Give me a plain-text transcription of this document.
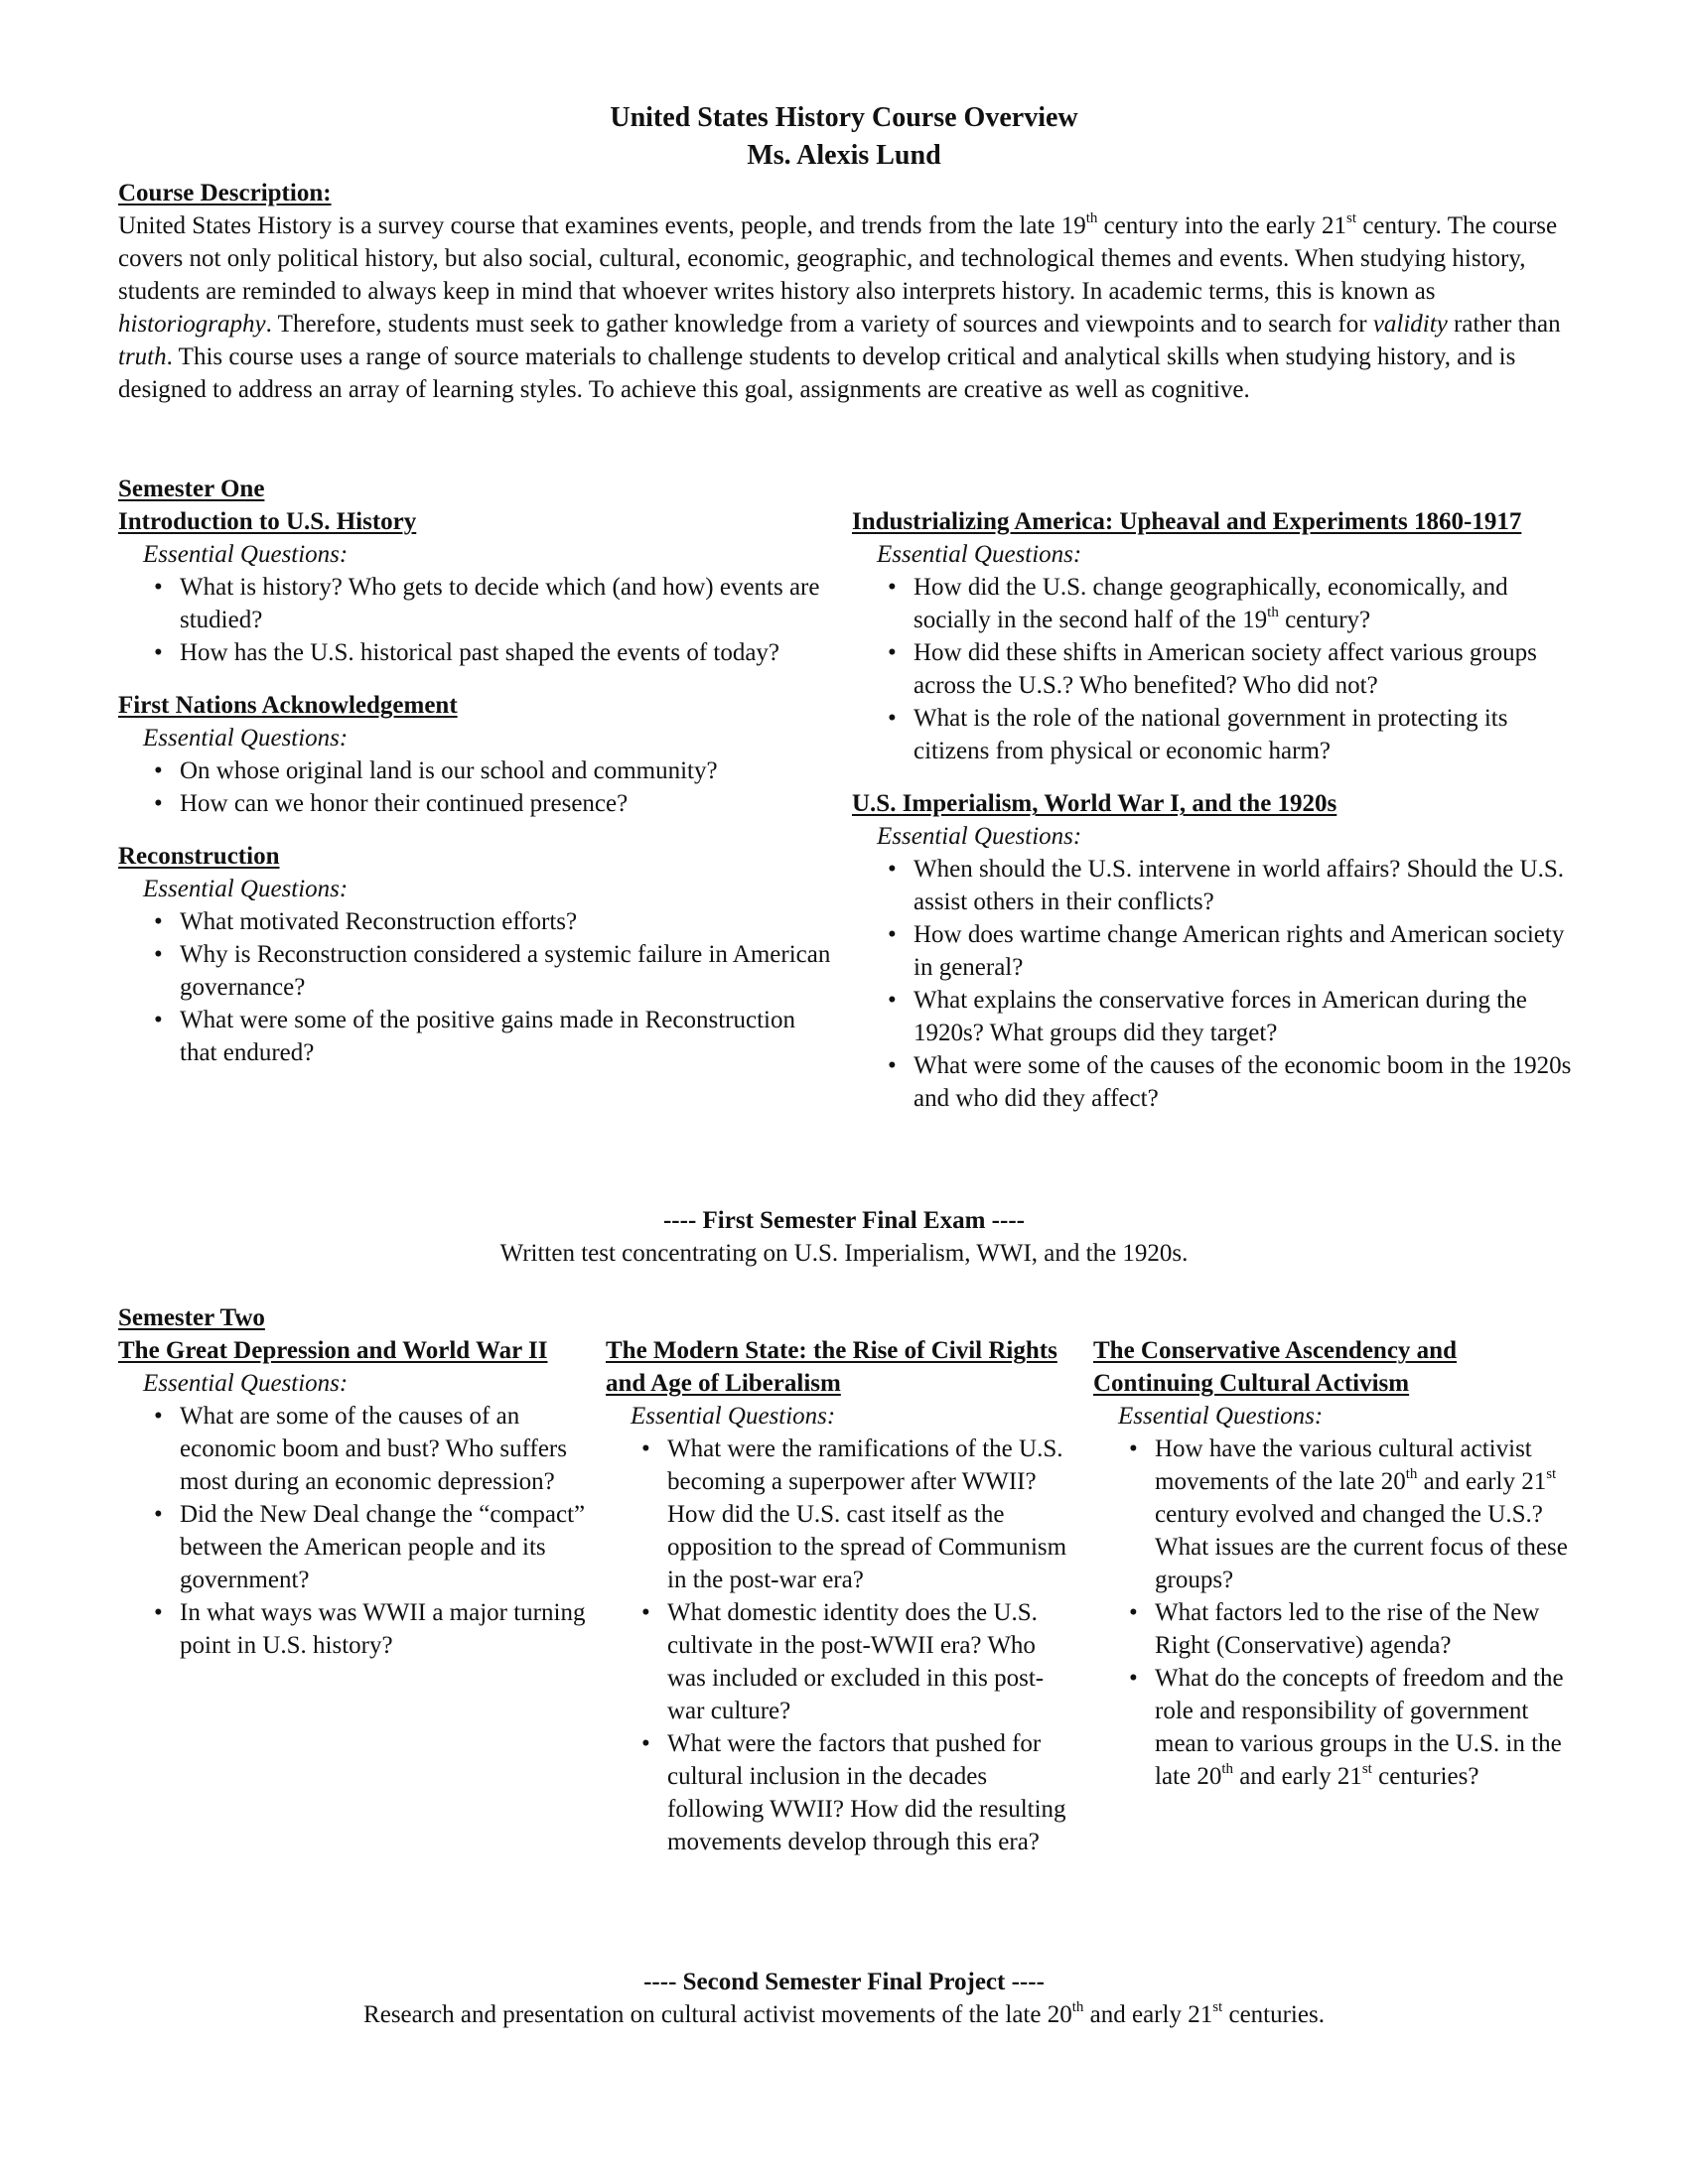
United States History Course Overview
Ms. Alexis Lund
Course Description:

United States History is a survey course that examines events, people, and trends from the late 19th century into the early 21st century. The course covers not only political history, but also social, cultural, economic, geographic, and technological themes and events. When studying history, students are reminded to always keep in mind that whoever writes history also interprets history. In academic terms, this is known as historiography. Therefore, students must seek to gather knowledge from a variety of sources and viewpoints and to search for validity rather than truth. This course uses a range of source materials to challenge students to develop critical and analytical skills when studying history, and is designed to address an array of learning styles. To achieve this goal, assignments are creative as well as cognitive.

Semester One
Introduction to U.S. History
Essential Questions:
• What is history? Who gets to decide which (and how) events are studied?
• How has the U.S. historical past shaped the events of today?
First Nations Acknowledgement
Essential Questions:
• On whose original land is our school and community?
• How can we honor their continued presence?
Reconstruction
Essential Questions:
• What motivated Reconstruction efforts?
• Why is Reconstruction considered a systemic failure in American governance?
• What were some of the positive gains made in Reconstruction that endured?
Industrializing America: Upheaval and Experiments 1860-1917
Essential Questions:
• How did the U.S. change geographically, economically, and socially in the second half of the 19th century?
• How did these shifts in American society affect various groups across the U.S.? Who benefited? Who did not?
• What is the role of the national government in protecting its citizens from physical or economic harm?
U.S. Imperialism, World War I, and the 1920s
Essential Questions:
• When should the U.S. intervene in world affairs? Should the U.S. assist others in their conflicts?
• How does wartime change American rights and American society in general?
• What explains the conservative forces in American during the 1920s? What groups did they target?
• What were some of the causes of the economic boom in the 1920s and who did they affect?
---- First Semester Final Exam ----
Written test concentrating on U.S. Imperialism, WWI, and the 1920s.
Semester Two
The Great Depression and World War II
Essential Questions:
• What are some of the causes of an economic boom and bust? Who suffers most during an economic depression?
• Did the New Deal change the “compact” between the American people and its government?
• In what ways was WWII a major turning point in U.S. history?
The Modern State: the Rise of Civil Rights and Age of Liberalism
Essential Questions:
• What were the ramifications of the U.S. becoming a superpower after WWII? How did the U.S. cast itself as the opposition to the spread of Communism in the post-war era?
• What domestic identity does the U.S. cultivate in the post-WWII era? Who was included or excluded in this post-war culture?
• What were the factors that pushed for cultural inclusion in the decades following WWII? How did the resulting movements develop through this era?
The Conservative Ascendency and Continuing Cultural Activism
Essential Questions:
• How have the various cultural activist movements of the late 20th and early 21st century evolved and changed the U.S.? What issues are the current focus of these groups?
• What factors led to the rise of the New Right (Conservative) agenda?
• What do the concepts of freedom and the role and responsibility of government mean to various groups in the U.S. in the late 20th and early 21st centuries?
---- Second Semester Final Project ----
Research and presentation on cultural activist movements of the late 20th and early 21st centuries.
